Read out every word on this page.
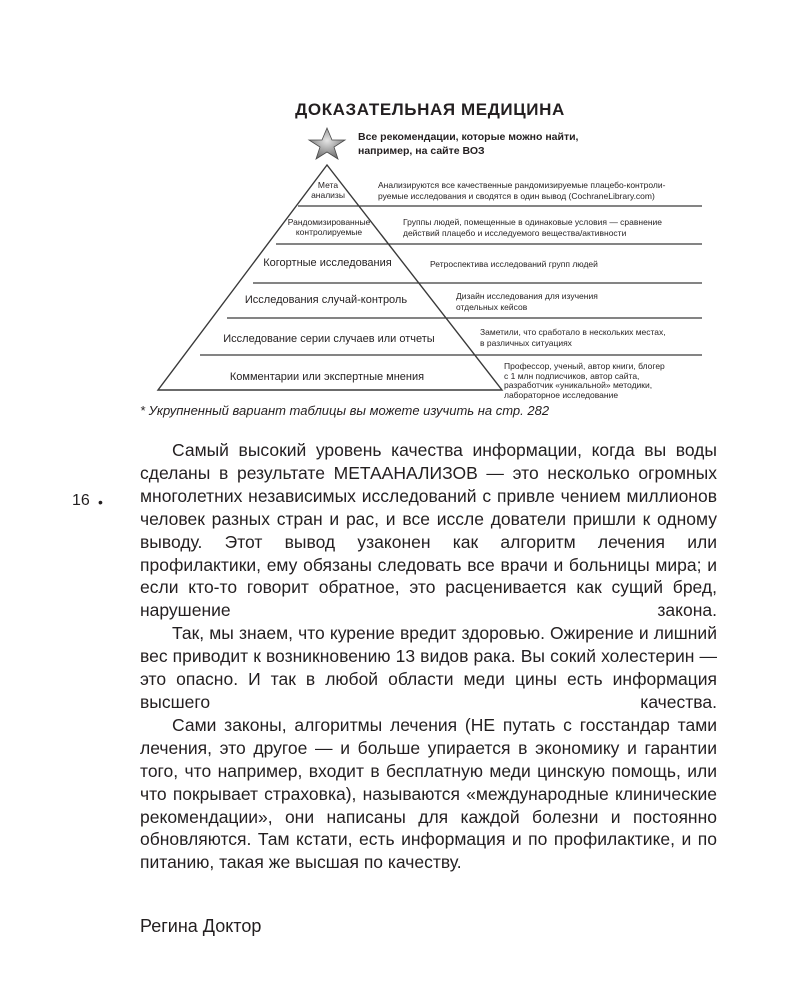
ДОКАЗАТЕЛЬНАЯ МЕДИЦИНА
Все рекомендации, которые можно найти,
например, на сайте ВОЗ
Мета
анализы
Анализируются все качественные рандомизируемые плацебо-контроли-
руемые исследования и сводятся в один вывод (CochraneLibrary.com)
Рандомизированные
контролируемые
Группы людей, помещенные в одинаковые условия — сравнение
действий плацебо и исследуемого вещества/активности
Когортные исследования	Ретроспектива исследований групп людей
Исследования случай-контроль	Дизайн исследования для изучения
отдельных кейсов
Исследование серии случаев или отчеты
Заметили, что сработало в нескольких местах,
в различных ситуациях
Комментарии или экспертные мнения
Профессор, ученый, автор книги, блогер
с 1 млн подписчиков, автор сайта,
разработчик «уникальной» методики,
лабораторное исследование

* Укрупненный вариант таблицы вы можете изучить на стр. 282

16 •

Самый высокий уровень качества информации, когда вы воды сделаны в результате МЕТААНАЛИЗОВ — это несколько огромных многолетних независимых исследований с привле чением миллионов человек разных стран и рас, и все иссле дователи пришли к одному выводу. Этот вывод узаконен как алгоритм лечения или профилактики, ему обязаны следовать все врачи и больницы мира; и если кто-то говорит обратное, это расценивается как сущий бред, нарушение закона.

Так, мы знаем, что курение вредит здоровью. Ожирение и лишний вес приводит к возникновению 13 видов рака. Вы сокий холестерин — это опасно. И так в любой области меди цины есть информация высшего качества.

Сами законы, алгоритмы лечения (НЕ путать с госстандар тами лечения, это другое — и больше упирается в экономику и гарантии того, что например, входит в бесплатную меди цинскую помощь, или что покрывает страховка), называются «международные клинические рекомендации», они написаны для каждой болезни и постоянно обновляются. Там кстати, есть информация и по профилактике, и по питанию, такая же высшая по качеству.

Регина Доктор
